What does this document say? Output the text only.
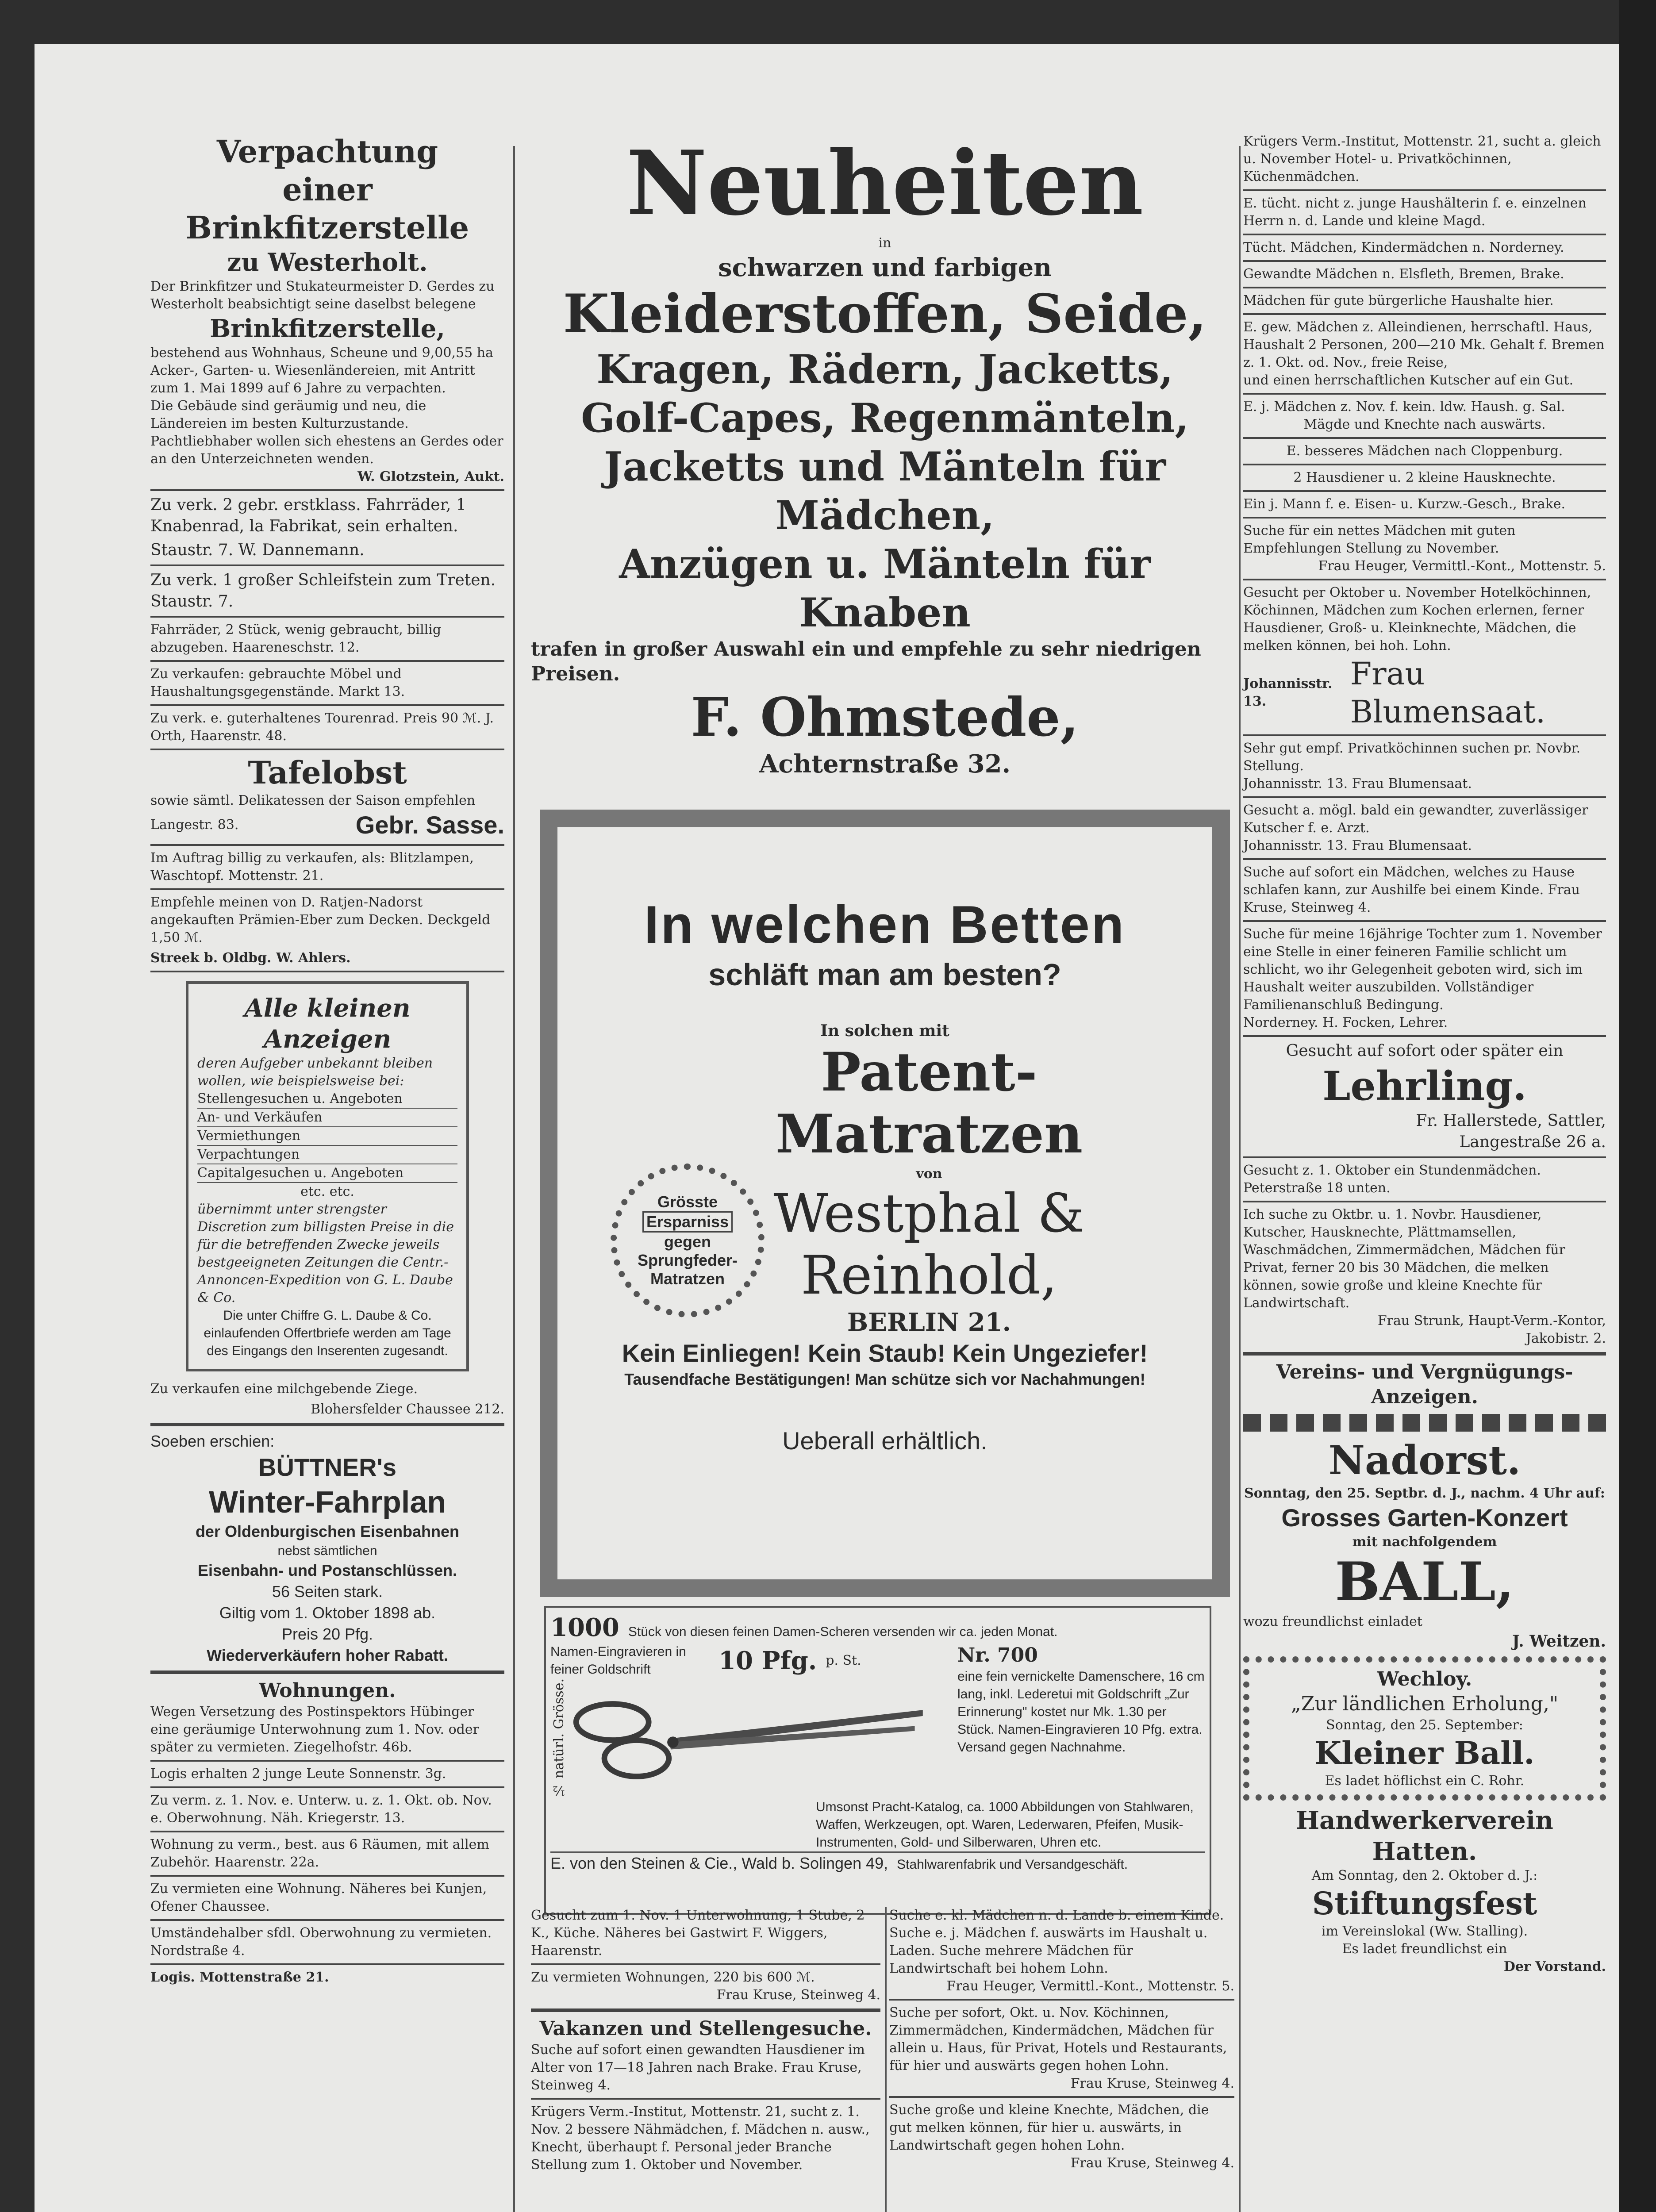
Verpachtung
einer Brinkfitzerstelle
zu Westerholt.
Der Brinkfitzer und Stukateurmeister D. Gerdes zu Westerholt beabsichtigt seine daselbst belegene
Brinkfitzerstelle,
bestehend aus Wohnhaus, Scheune und 9,00,55 ha Acker-, Garten- u. Wiesenländereien, mit Antritt zum 1. Mai 1899 auf 6 Jahre zu verpachten.
Die Gebäude sind geräumig und neu, die Ländereien im besten Kulturzustande.
Pachtliebhaber wollen sich ehestens an Gerdes oder an den Unterzeichneten wenden.
W. Glotzstein, Aukt.
Zu verk. 2 gebr. erstklass. Fahrräder, 1 Knabenrad, la Fabrikat, sein erhalten.
Staustr. 7. W. Dannemann.
Zu verk. 1 großer Schleifstein zum Treten. Staustr. 7.
Fahrräder, 2 Stück, wenig gebraucht, billig abzugeben. Haareneschstr. 12.
Zu verkaufen: gebrauchte Möbel und Haushaltungsgegenstände. Markt 13.
Zu verk. e. guterhaltenes Tourenrad. Preis 90 ℳ. J. Orth, Haarenstr. 48.
Tafelobst
sowie sämtl. Delikatessen der Saison empfehlen
Langestr. 83.	Gebr. Sasse.
Im Auftrag billig zu verkaufen, als: Blitzlampen, Waschtopf. Mottenstr. 21.
Empfehle meinen von D. Ratjen-Nadorst angekauften Prämien-Eber zum Decken. Deckgeld 1,50 ℳ.
Streek b. Oldbg. W. Ahlers.
Alle kleinen Anzeigen
deren Aufgeber unbekannt bleiben wollen, wie beispielsweise bei:
Stellengesuchen u. Angeboten
An- und Verkäufen
Vermiethungen
Verpachtungen
Capitalgesuchen u. Angeboten
etc. etc.
übernimmt unter strengster Discretion zum billigsten Preise in die für die betreffenden Zwecke jeweils bestgeeigneten Zeitungen die Centr.-Annoncen-Expedition von G. L. Daube & Co.
Die unter Chiffre G. L. Daube & Co. einlaufenden Offertbriefe werden am Tage des Eingangs den Inserenten zugesandt.
Zu verkaufen eine milchgebende Ziege.
Blohersfelder Chaussee 212.
Soeben erschien:
BÜTTNER's
Winter-Fahrplan
der Oldenburgischen Eisenbahnen
nebst sämtlichen
Eisenbahn- und Postanschlüssen.
56 Seiten stark.
Giltig vom 1. Oktober 1898 ab.
Preis 20 Pfg.
Wiederverkäufern hoher Rabatt.
Wohnungen.
Wegen Versetzung des Postinspektors Hübinger eine geräumige Unterwohnung zum 1. Nov. oder später zu vermieten. Ziegelhofstr. 46b.
Logis erhalten 2 junge Leute Sonnenstr. 3g.
Zu verm. z. 1. Nov. e. Unterw. u. z. 1. Okt. ob. Nov. e. Oberwohnung. Näh. Kriegerstr. 13.
Wohnung zu verm., best. aus 6 Räumen, mit allem Zubehör. Haarenstr. 22a.
Zu vermieten eine Wohnung. Näheres bei Kunjen, Ofener Chaussee.
Umständehalber sfdl. Oberwohnung zu vermieten. Nordstraße 4.
Logis. Mottenstraße 21.
Neuheiten
in
schwarzen und farbigen
Kleiderstoffen, Seide,
Kragen, Rädern, Jacketts,
Golf-Capes, Regenmänteln,
Jacketts und Mänteln für Mädchen,
Anzügen u. Mänteln für Knaben
trafen in großer Auswahl ein und empfehle zu sehr niedrigen Preisen.
F. Ohmstede,
Achternstraße 32.
In welchen Betten
schläft man am besten?
In solchen mit
Patent-
Matratzen
von
Westphal & Reinhold,
BERLIN 21.
Kein Einliegen! Kein Staub! Kein Ungeziefer!
Tausendfache Bestätigungen! Man schütze sich vor Nachahmungen!
Ueberall erhältlich.
Grösste
Ersparniss
gegen
Sprungfeder-
Matratzen
1000 Stück von diesen feinen Damen-Scheren versenden wir ca. jeden Monat.
Namen-Eingravieren in feiner Goldschrift	10 Pfg. p. St.
½ natürl. Grösse.
Nr. 700
eine fein vernickelte Damenschere, 16 cm lang, inkl. Lederetui mit Goldschrift „Zur Erinnerung" kostet nur Mk. 1.30 per Stück. Namen-Eingravieren 10 Pfg. extra. Versand gegen Nachnahme.
Umsonst Pracht-Katalog, ca. 1000 Abbildungen von Stahlwaren, Waffen, Werkzeugen, opt. Waren, Lederwaren, Pfeifen, Musik-Instrumenten, Gold- und Silberwaren, Uhren etc.
E. von den Steinen & Cie., Wald b. Solingen 49, Stahlwarenfabrik und Versandgeschäft.
Gesucht zum 1. Nov. 1 Unterwohnung, 1 Stube, 2 K., Küche. Näheres bei Gastwirt F. Wiggers, Haarenstr.
Zu vermieten Wohnungen, 220 bis 600 ℳ.
Frau Kruse, Steinweg 4.
Vakanzen und Stellengesuche.
Suche auf sofort einen gewandten Hausdiener im Alter von 17—18 Jahren nach Brake. Frau Kruse, Steinweg 4.
Krügers Verm.-Institut, Mottenstr. 21, sucht z. 1. Nov. 2 bessere Nähmädchen, f. Mädchen n. ausw., Knecht, überhaupt f. Personal jeder Branche Stellung zum 1. Oktober und November.
Suche e. kl. Mädchen n. d. Lande b. einem Kinde. Suche e. j. Mädchen f. auswärts im Haushalt u. Laden. Suche mehrere Mädchen für Landwirtschaft bei hohem Lohn.
Frau Heuger, Vermittl.-Kont., Mottenstr. 5.
Suche per sofort, Okt. u. Nov. Köchinnen, Zimmermädchen, Kindermädchen, Mädchen für allein u. Haus, für Privat, Hotels und Restaurants, für hier und auswärts gegen hohen Lohn.
Frau Kruse, Steinweg 4.
Suche große und kleine Knechte, Mädchen, die gut melken können, für hier u. auswärts, in Landwirtschaft gegen hohen Lohn.
Frau Kruse, Steinweg 4.
Krügers Verm.-Institut, Mottenstr. 21, sucht a. gleich u. November Hotel- u. Privatköchinnen, Küchenmädchen.
E. tücht. nicht z. junge Haushälterin f. e. einzelnen Herrn n. d. Lande und kleine Magd.
Tücht. Mädchen, Kindermädchen n. Norderney.
Gewandte Mädchen n. Elsfleth, Bremen, Brake.
Mädchen für gute bürgerliche Haushalte hier.
E. gew. Mädchen z. Alleindienen, herrschaftl. Haus, Haushalt 2 Personen, 200—210 Mk. Gehalt f. Bremen z. 1. Okt. od. Nov., freie Reise,
und einen herrschaftlichen Kutscher auf ein Gut.
E. j. Mädchen z. Nov. f. kein. ldw. Haush. g. Sal.
Mägde und Knechte nach auswärts.
E. besseres Mädchen nach Cloppenburg.
2 Hausdiener u. 2 kleine Hausknechte.
Ein j. Mann f. e. Eisen- u. Kurzw.-Gesch., Brake.
Suche für ein nettes Mädchen mit guten Empfehlungen Stellung zu November.
Frau Heuger, Vermittl.-Kont., Mottenstr. 5.
Gesucht per Oktober u. November Hotelköchinnen, Köchinnen, Mädchen zum Kochen erlernen, ferner Hausdiener, Groß- u. Kleinknechte, Mädchen, die melken können, bei hoh. Lohn.
Johannisstr. 13.
Frau Blumensaat.
Sehr gut empf. Privatköchinnen suchen pr. Novbr. Stellung.
Johannisstr. 13. Frau Blumensaat.
Gesucht a. mögl. bald ein gewandter, zuverlässiger Kutscher f. e. Arzt.
Johannisstr. 13. Frau Blumensaat.
Suche auf sofort ein Mädchen, welches zu Hause schlafen kann, zur Aushilfe bei einem Kinde. Frau Kruse, Steinweg 4.
Suche für meine 16jährige Tochter zum 1. November eine Stelle in einer feineren Familie schlicht um schlicht, wo ihr Gelegenheit geboten wird, sich im Haushalt weiter auszubilden. Vollständiger Familienanschluß Bedingung.
Norderney. H. Focken, Lehrer.
Gesucht auf sofort oder später ein
Lehrling.
Fr. Hallerstede, Sattler,
Langestraße 26 a.
Gesucht z. 1. Oktober ein Stundenmädchen. Peterstraße 18 unten.
Ich suche zu Oktbr. u. 1. Novbr. Hausdiener, Kutscher, Hausknechte, Plättmamsellen, Waschmädchen, Zimmermädchen, Mädchen für Privat, ferner 20 bis 30 Mädchen, die melken können, sowie große und kleine Knechte für Landwirtschaft.
Frau Strunk, Haupt-Verm.-Kontor,
Jakobistr. 2.
Vereins- und Vergnügungs-Anzeigen.
Nadorst.
Sonntag, den 25. Septbr. d. J., nachm. 4 Uhr auf:
Grosses Garten-Konzert
mit nachfolgendem
BALL,
wozu freundlichst einladet
J. Weitzen.
Wechloy.
„Zur ländlichen Erholung,"
Sonntag, den 25. September:
Kleiner Ball.
Es ladet höflichst ein C. Rohr.
Handwerkerverein Hatten.
Am Sonntag, den 2. Oktober d. J.:
Stiftungsfest
im Vereinslokal (Ww. Stalling).
Es ladet freundlichst ein
Der Vorstand.
